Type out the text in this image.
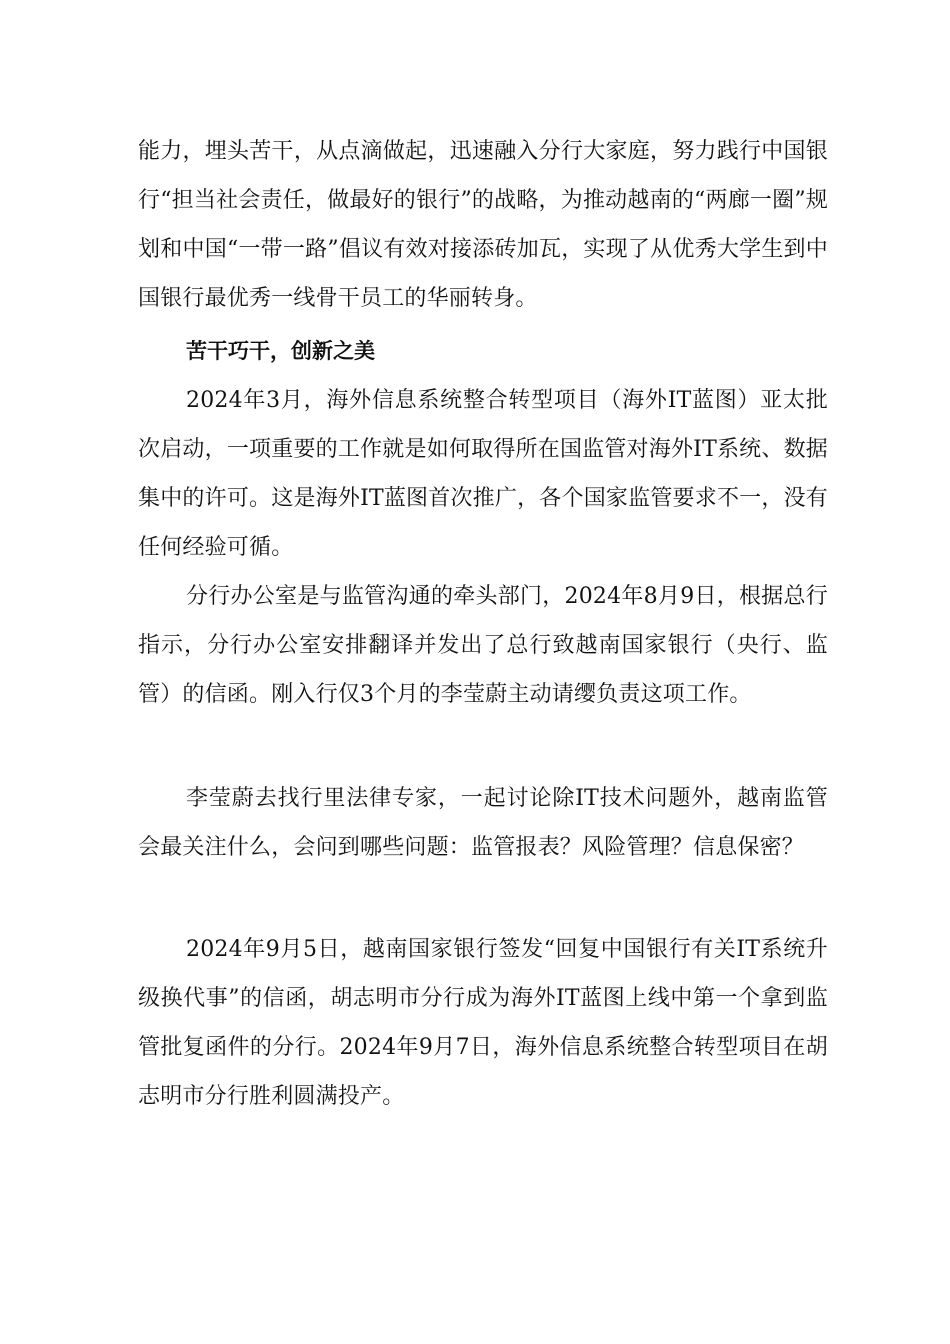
能力，埋头苦干，从点滴做起，迅速融入分行大家庭，努力践行中国银行“担当社会责任，做最好的银行”的战略，为推动越南的“两廊一圈”规划和中国“一带一路”倡议有效对接添砖加瓦，实现了从优秀大学生到中国银行最优秀一线骨干员工的华丽转身。

苦干巧干，创新之美

2024年3月，海外信息系统整合转型项目（海外IT蓝图）亚太批次启动，一项重要的工作就是如何取得所在国监管对海外IT系统、数据集中的许可。这是海外IT蓝图首次推广，各个国家监管要求不一，没有任何经验可循。

分行办公室是与监管沟通的牵头部门，2024年8月9日，根据总行指示，分行办公室安排翻译并发出了总行致越南国家银行（央行、监管）的信函。刚入行仅3个月的李莹蔚主动请缨负责这项工作。

李莹蔚去找行里法律专家，一起讨论除IT技术问题外，越南监管会最关注什么，会问到哪些问题：监管报表？风险管理？信息保密？

2024年9月5日，越南国家银行签发“回复中国银行有关IT系统升级换代事”的信函，胡志明市分行成为海外IT蓝图上线中第一个拿到监管批复函件的分行。2024年9月7日，海外信息系统整合转型项目在胡志明市分行胜利圆满投产。
